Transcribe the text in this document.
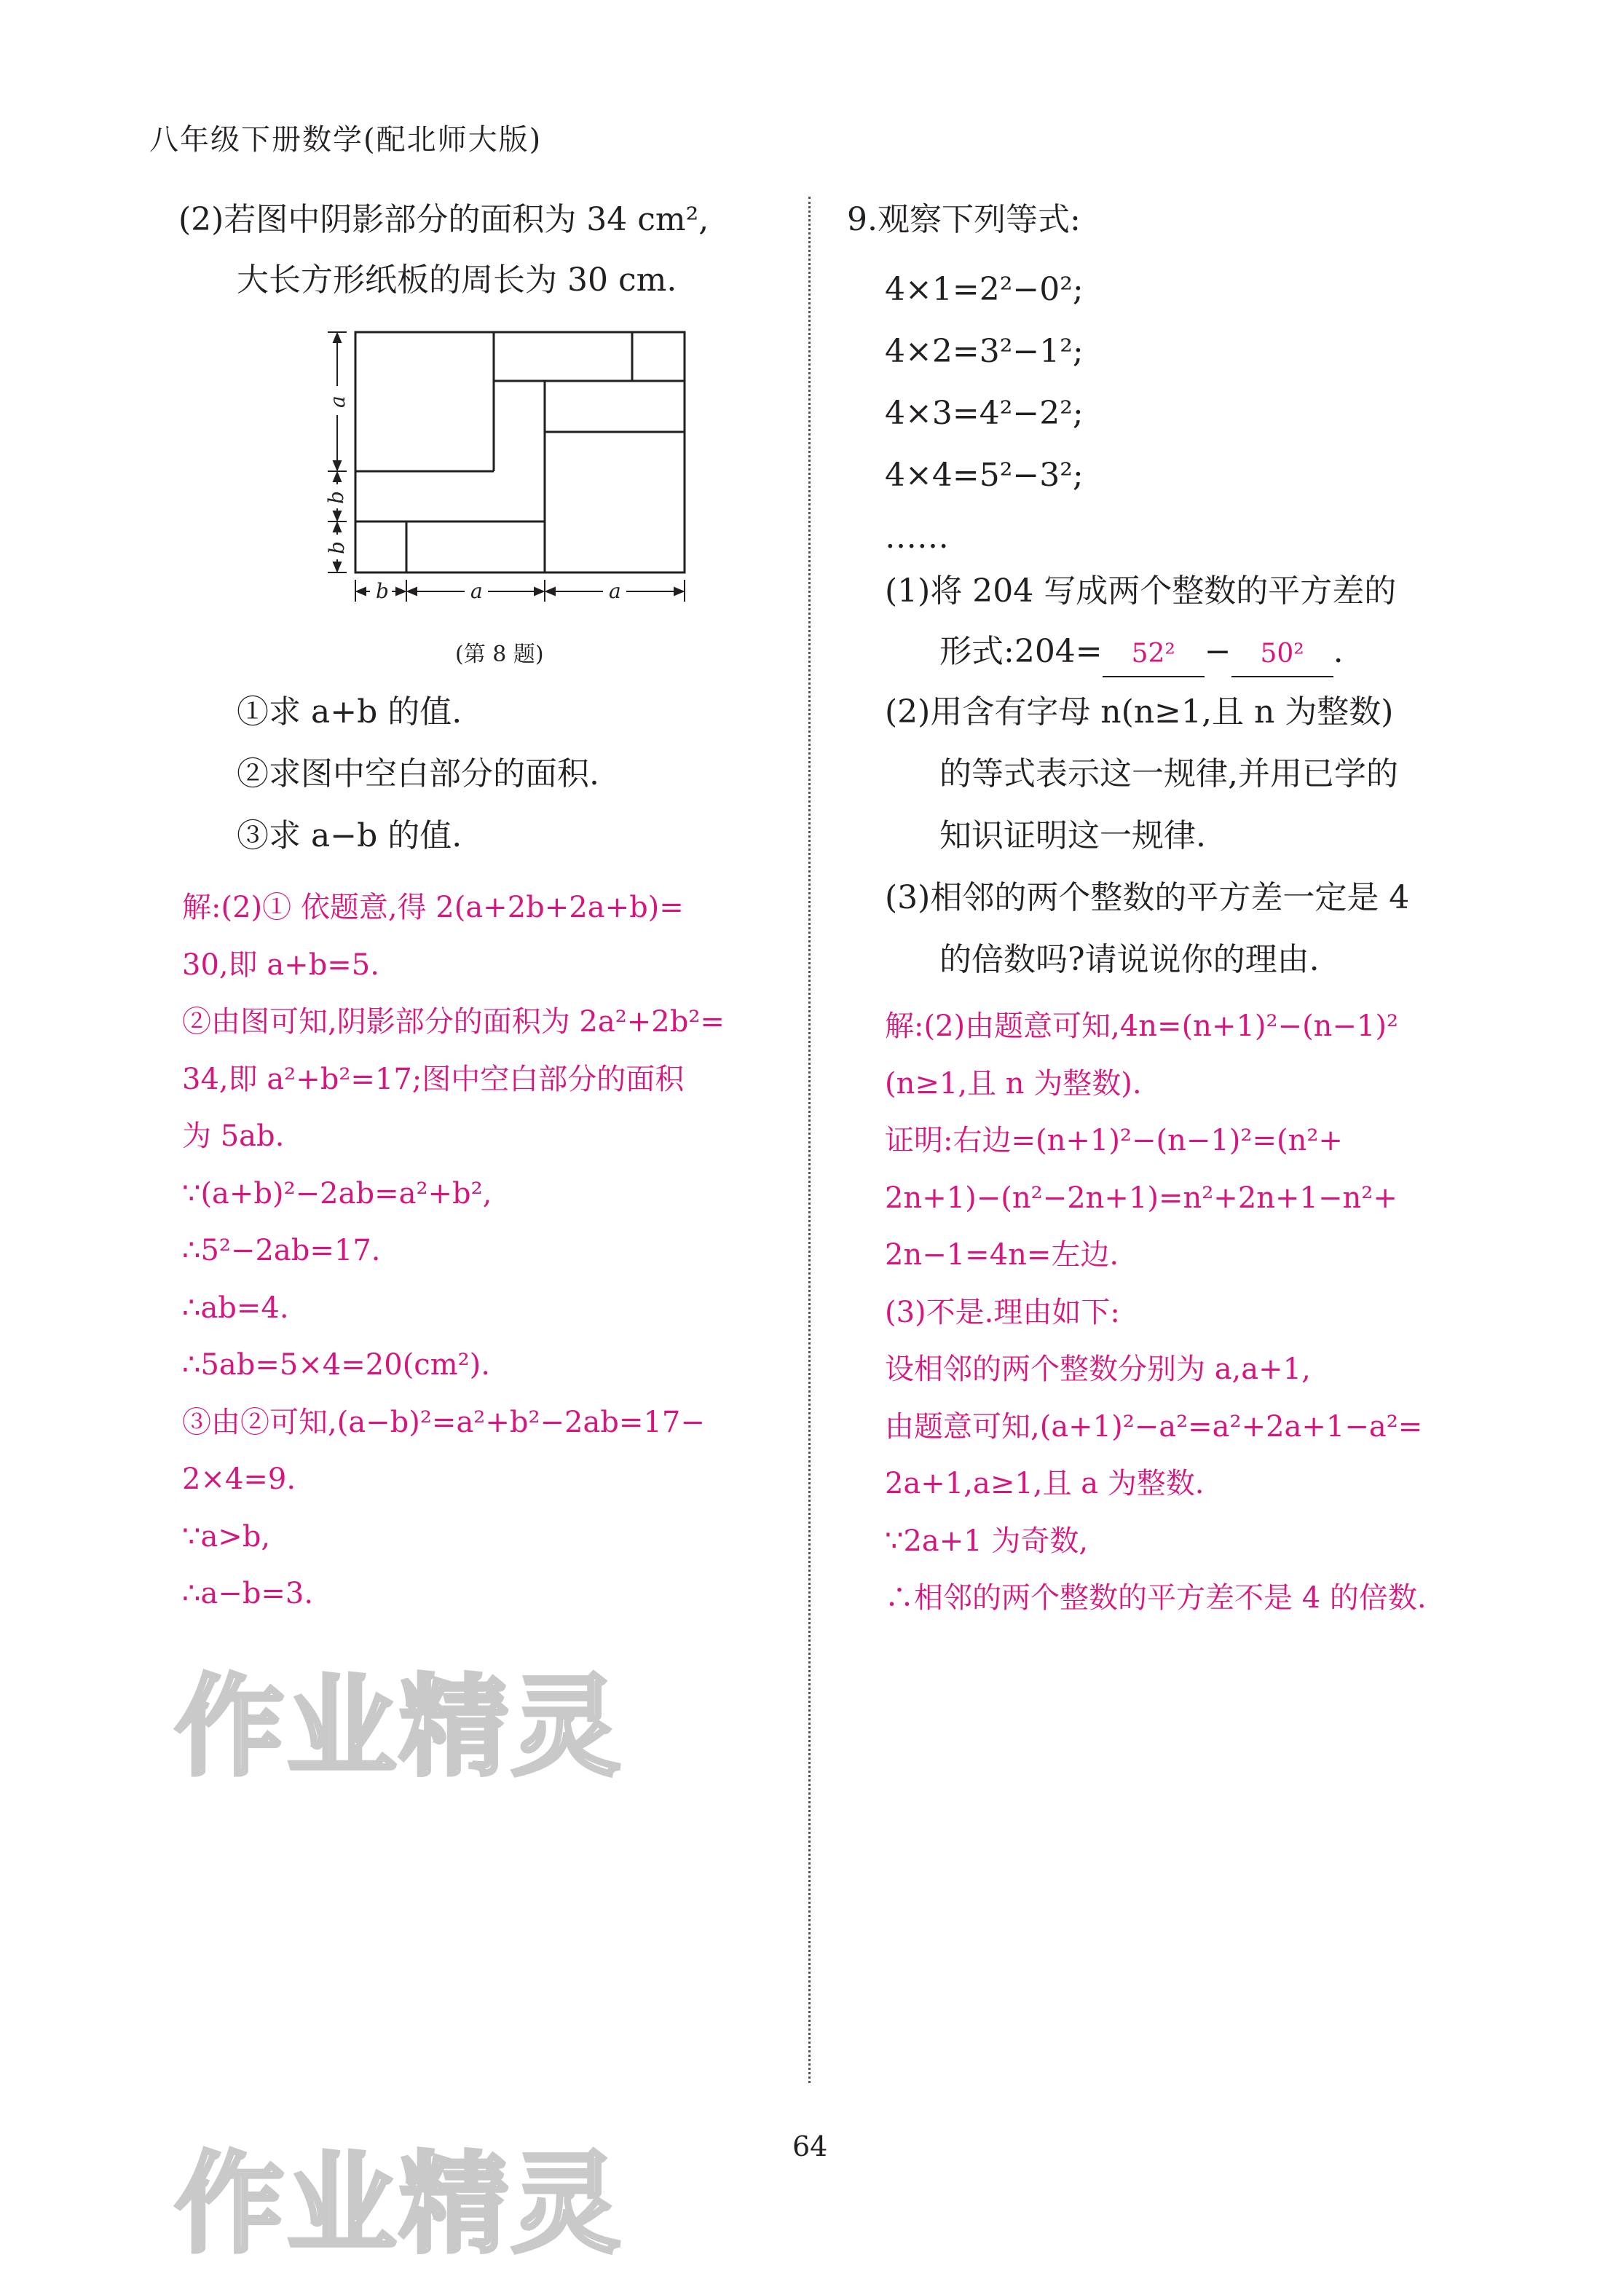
八年级下册数学(配北师大版)
(2)若图中阴影部分的面积为 34 cm²,
大长方形纸板的周长为 30 cm.
a
b
b
b	a	a
(第 8 题)
①求 a+b 的值.
②求图中空白部分的面积.
③求 a−b 的值.
解:(2)① 依题意,得 2(a+2b+2a+b)=
30,即 a+b=5.
②由图可知,阴影部分的面积为 2a²+2b²=
34,即 a²+b²=17;图中空白部分的面积
为 5ab.
∵(a+b)²−2ab=a²+b²,
∴5²−2ab=17.
∴ab=4.
∴5ab=5×4=20(cm²).
③由②可知,(a−b)²=a²+b²−2ab=17−
2×4=9.
∵a>b,
∴a−b=3.
9.观察下列等式:
4×1=2²−0²;
4×2=3²−1²;
4×3=4²−2²;
4×4=5²−3²;
……
(1)将 204 写成两个整数的平方差的
形式:204= 52² − 50² .
(2)用含有字母 n(n≥1,且 n 为整数)
的等式表示这一规律,并用已学的
知识证明这一规律.
(3)相邻的两个整数的平方差一定是 4
的倍数吗?请说说你的理由.
解:(2)由题意可知,4n=(n+1)²−(n−1)²
(n≥1,且 n 为整数).
证明:右边=(n+1)²−(n−1)²=(n²+
2n+1)−(n²−2n+1)=n²+2n+1−n²+
2n−1=4n=左边.
(3)不是.理由如下:
设相邻的两个整数分别为 a,a+1,
由题意可知,(a+1)²−a²=a²+2a+1−a²=
2a+1,a≥1,且 a 为整数.
∵2a+1 为奇数,
∴相邻的两个整数的平方差不是 4 的倍数.
作业精灵
作业精灵	64
